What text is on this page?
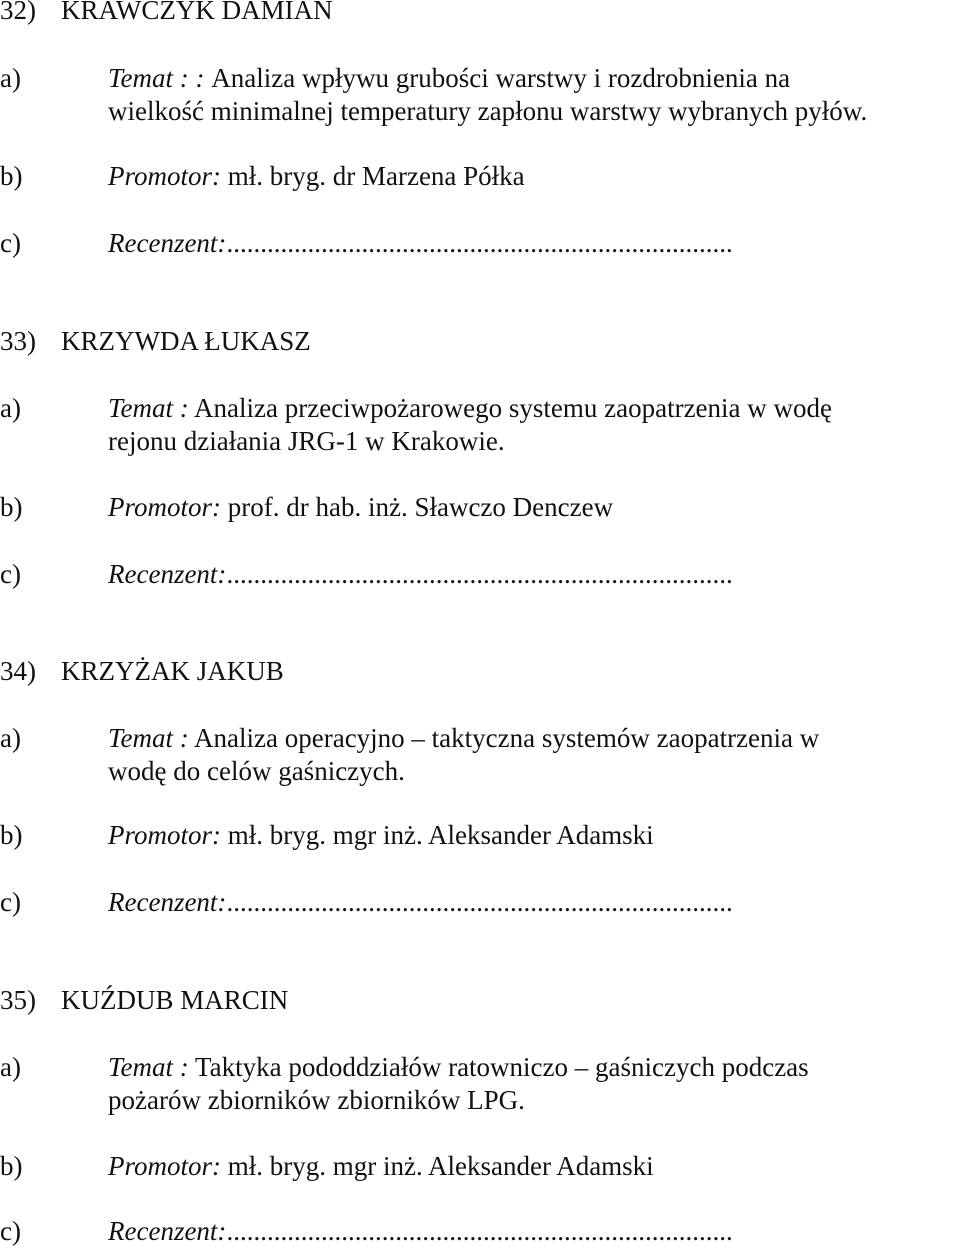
32) KRAWCZYK DAMIAN
a)	Temat : : Analiza wpływu grubości warstwy i rozdrobnienia na
wielkość minimalnej temperatury zapłonu warstwy wybranych pyłów.
b)	Promotor: mł. bryg. dr Marzena Półka
c)	Recenzent:...........................................................................
33) KRZYWDA ŁUKASZ
a)	Temat : Analiza przeciwpożarowego systemu zaopatrzenia w wodę
rejonu działania JRG-1 w Krakowie.
b)	Promotor: prof. dr hab. inż. Sławczo Denczew
c)	Recenzent:...........................................................................
34) KRZYŻAK JAKUB
a)	Temat : Analiza operacyjno – taktyczna systemów zaopatrzenia w
wodę do celów gaśniczych.
b)	Promotor: mł. bryg. mgr inż. Aleksander Adamski
c)	Recenzent:...........................................................................
35) KUŹDUB MARCIN
a)	Temat : Taktyka pododdziałów ratowniczo – gaśniczych podczas
pożarów zbiorników zbiorników LPG.
b)	Promotor: mł. bryg. mgr inż. Aleksander Adamski
c)	Recenzent:...........................................................................
